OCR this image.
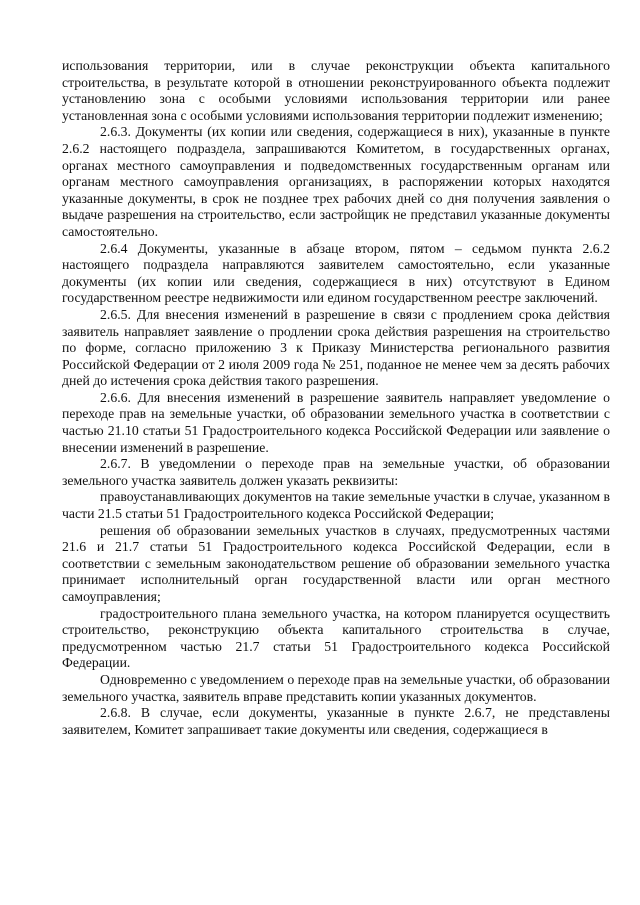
использования территории, или в случае реконструкции объекта капитального строительства, в результате которой в отношении реконструированного объекта подлежит установлению зона с особыми условиями использования территории или ранее установленная зона с особыми условиями использования территории подлежит изменению;

2.6.3. Документы (их копии или сведения, содержащиеся в них), указанные в пункте 2.6.2 настоящего подраздела, запрашиваются Комитетом, в государственных органах, органах местного самоуправления и подведомственных государственным органам или органам местного самоуправления организациях, в распоряжении которых находятся указанные документы, в срок не позднее трех рабочих дней со дня получения заявления о выдаче разрешения на строительство, если застройщик не представил указанные документы самостоятельно.

2.6.4 Документы, указанные в абзаце втором, пятом – седьмом пункта 2.6.2 настоящего подраздела направляются заявителем самостоятельно, если указанные документы (их копии или сведения, содержащиеся в них) отсутствуют в Едином государственном реестре недвижимости или едином государственном реестре заключений.

2.6.5. Для внесения изменений в разрешение в связи с продлением срока действия заявитель направляет заявление о продлении срока действия разрешения на строительство по форме, согласно приложению 3 к Приказу Министерства регионального развития Российской Федерации от 2 июля 2009 года № 251, поданное не менее чем за десять рабочих дней до истечения срока действия такого разрешения.

2.6.6. Для внесения изменений в разрешение заявитель направляет уведомление о переходе прав на земельные участки, об образовании земельного участка в соответствии с частью 21.10 статьи 51 Градостроительного кодекса Российской Федерации или заявление о внесении изменений в разрешение.

2.6.7. В уведомлении о переходе прав на земельные участки, об образовании земельного участка заявитель должен указать реквизиты:

правоустанавливающих документов на такие земельные участки в случае, указанном в части 21.5 статьи 51 Градостроительного кодекса Российской Федерации;

решения об образовании земельных участков в случаях, предусмотренных частями 21.6 и 21.7 статьи 51 Градостроительного кодекса Российской Федерации, если в соответствии с земельным законодательством решение об образовании земельного участка принимает исполнительный орган государственной власти или орган местного самоуправления;

градостроительного плана земельного участка, на котором планируется осуществить строительство, реконструкцию объекта капитального строительства в случае, предусмотренном частью 21.7 статьи 51 Градостроительного кодекса Российской Федерации.

Одновременно с уведомлением о переходе прав на земельные участки, об образовании земельного участка, заявитель вправе представить копии указанных документов.

2.6.8. В случае, если документы, указанные в пункте 2.6.7, не представлены заявителем, Комитет запрашивает такие документы или сведения, содержащиеся в
